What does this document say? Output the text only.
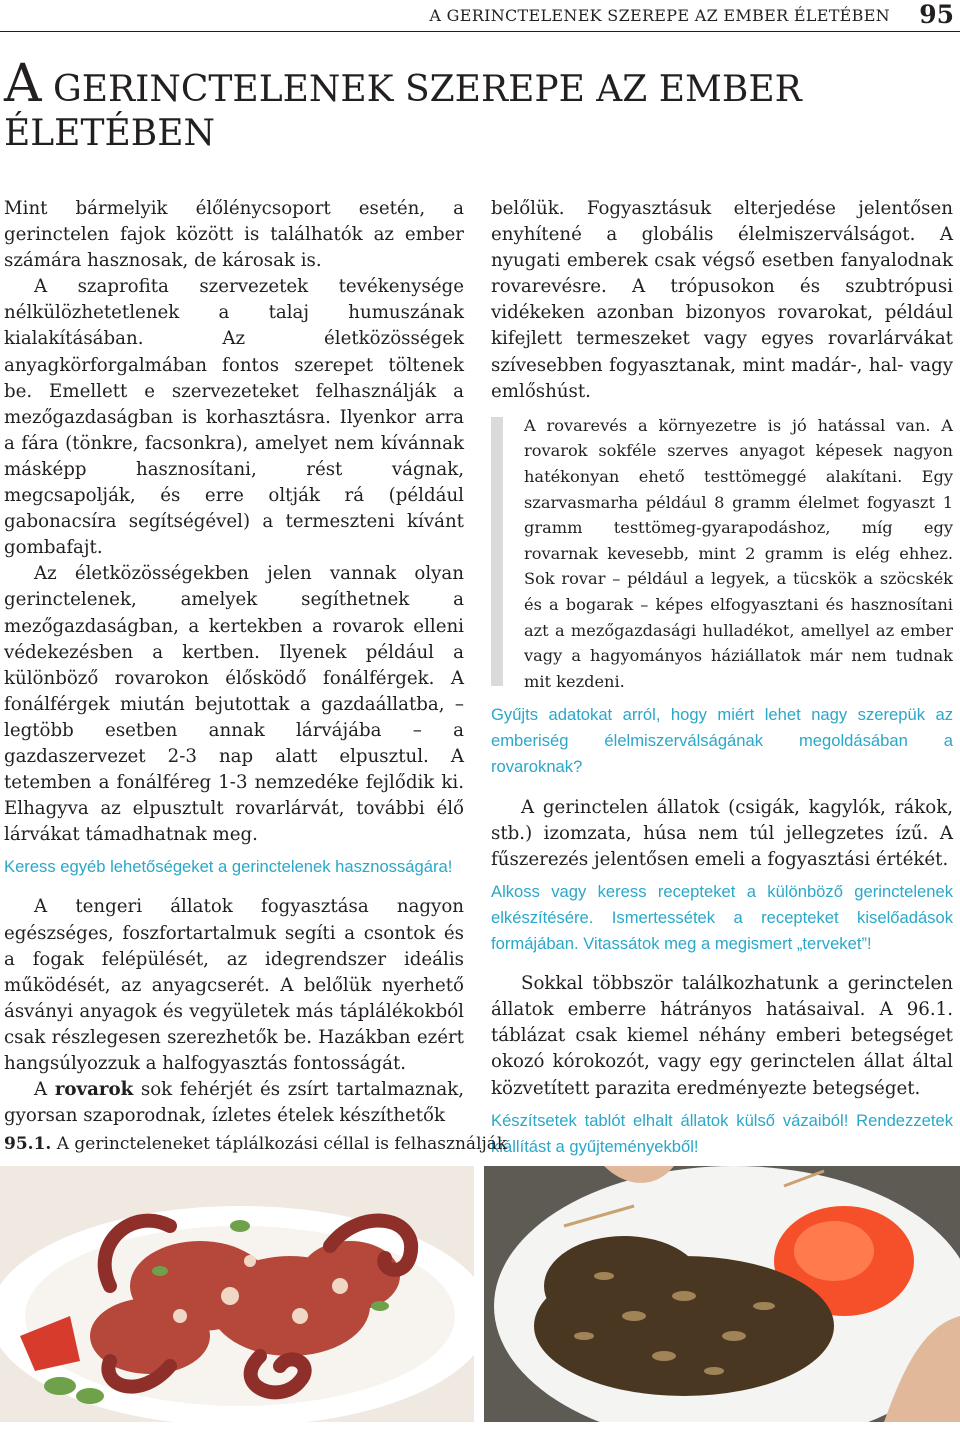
A GERINCTELENEK SZEREPE AZ EMBER ÉLETÉBEN 95
A GERINCTELENEK SZEREPE AZ EMBER ÉLETÉBEN

Mint bármelyik élőlénycsoport esetén, a gerinctelen fajok között is találhatók az ember számára hasznosak, de károsak is.

A szaprofita szervezetek tevékenysége nélkülözhetetlenek a talaj humuszának kialakításában. Az életközösségek anyagkörforgalmában fontos szerepet töltenek be. Emellett e szervezeteket felhasználják a mezőgazdaságban is korhasztásra. Ilyenkor arra a fára (tönkre, facsonkra), amelyet nem kívánnak másképp hasznosítani, rést vágnak, megcsapolják, és erre oltják rá (például gabonacsíra segítségével) a termeszteni kívánt gombafajt.

Az életközösségekben jelen vannak olyan gerinctelenek, amelyek segíthetnek a mezőgazdaságban, a kertekben a rovarok elleni védekezésben a kertben. Ilyenek például a különböző rovarokon élősködő fonálférgek. A fonálférgek miután bejutottak a gazdaállatba, – legtöbb esetben annak lárvájába – a gazdaszervezet 2-3 nap alatt elpusztul. A tetemben a fonálféreg 1-3 nemzedéke fejlődik ki. Elhagyva az elpusztult rovarlárvát, további élő lárvákat támadhatnak meg.

Keress egyéb lehetőségeket a gerinctelenek hasznosságára!

A tengeri állatok fogyasztása nagyon egészséges, foszfortartalmuk segíti a csontok és a fogak felépülését, az idegrendszer ideális működését, az anyagcserét. A belőlük nyerhető ásványi anyagok és vegyületek más táplálékokból csak részlegesen szerezhetők be. Hazákban ezért hangsúlyozzuk a halfogyasztás fontosságát.

A rovarok sok fehérjét és zsírt tartalmaznak, gyorsan szaporodnak, ízletes ételek készíthetők

belőlük. Fogyasztásuk elterjedése jelentősen enyhítené a globális élelmiszerválságot. A nyugati emberek csak végső esetben fanyalodnak rovarevésre. A trópusokon és szubtrópusi vidékeken azonban bizonyos rovarokat, például kifejlett termeszeket vagy egyes rovarlárvákat szívesebben fogyasztanak, mint madár-, hal- vagy emlőshúst.

A rovarevés a környezetre is jó hatással van. A rovarok sokféle szerves anyagot képesek nagyon hatékonyan ehető testtömeggé alakítani. Egy szarvasmarha például 8 gramm élelmet fogyaszt 1 gramm testtömeg-gyarapodáshoz, míg egy rovarnak kevesebb, mint 2 gramm is elég ehhez. Sok rovar – például a legyek, a tücskök a szöcskék és a bogarak – képes elfogyasztani és hasznosítani azt a mezőgazdasági hulladékot, amellyel az ember vagy a hagyományos háziállatok már nem tudnak mit kezdeni.

Gyűjts adatokat arról, hogy miért lehet nagy szerepük az emberiség élelmiszerválságának megoldásában a rovaroknak?

A gerinctelen állatok (csigák, kagylók, rákok, stb.) izomzata, húsa nem túl jellegzetes ízű. A fűszerezés jelentősen emeli a fogyasztási értékét.

Alkoss vagy keress recepteket a különböző gerinctelenek elkészítésére. Ismertessétek a recepteket kiselőadások formájában. Vitassátok meg a megismert „terveket”!

Sokkal többször találkozhatunk a gerinctelen állatok emberre hátrányos hatásaival. A 96.1. táblázat csak kiemel néhány emberi betegséget okozó kórokozót, vagy egy gerinctelen állat által közvetített parazita eredményezte betegséget.

Készítsetek tablót elhalt állatok külső vázaiból! Rendezzetek kiállítást a gyűjteményekből!

95.1. A gerincteleneket táplálkozási céllal is felhasználják
